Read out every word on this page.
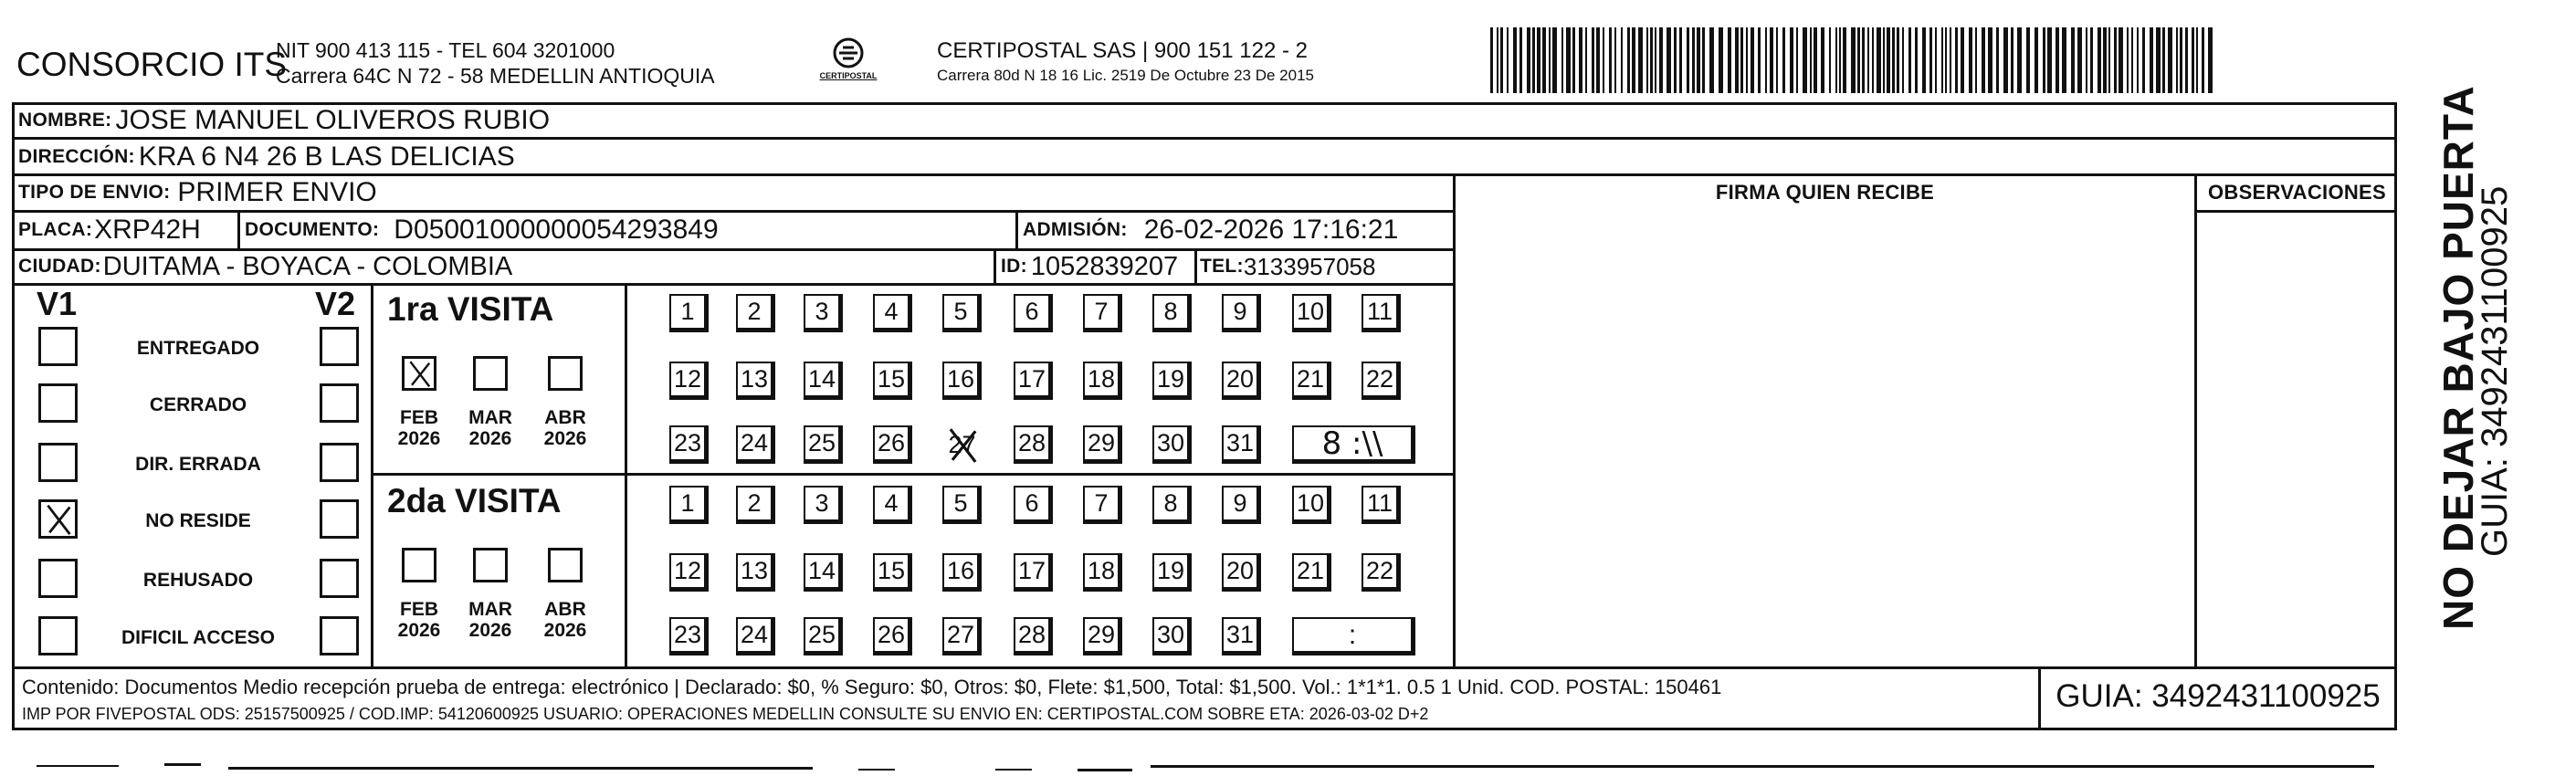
CONSORCIO ITS
NIT 900 413 115 - TEL 604 3201000
Carrera 64C N 72 - 58 MEDELLIN ANTIOQUIA	CERTIPOSTAL
CERTIPOSTAL SAS | 900 151 122 - 2
Carrera 80d N 18 16 Lic. 2519 De Octubre 23 De 2015
NOMBRE: JOSE MANUEL OLIVEROS RUBIO
DIRECCIÓN: KRA 6 N4 26 B LAS DELICIAS
TIPO DE ENVIO: PRIMER ENVIO	FIRMA QUIEN RECIBE	OBSERVACIONES
PLACA: XRP42H DOCUMENTO: D05001000000054293849	ADMISIÓN: 26-02-2026 17:16:21
CIUDAD: DUITAMA - BOYACA - COLOMBIA	ID: 1052839207 TEL: 3133957058
V1	V2 1ra VISITA
2da VISITA
Contenido: Documentos Medio recepción prueba de entrega: electrónico | Declarado: $0, % Seguro: $0, Otros: $0, Flete: $1,500, Total: $1,500. Vol.: 1*1*1. 0.5 1 Unid. COD. POSTAL: 150461
IMP POR FIVEPOSTAL ODS: 25157500925 / COD.IMP: 54120600925 USUARIO: OPERACIONES MEDELLIN CONSULTE SU ENVIO EN: CERTIPOSTAL.COM SOBRE ETA: 2026-03-02 D+2	GUIA: 3492431100925
NO DEJAR BAJO PUERTA
GUIA: 3492431100925
ENTREGADO
CERRADO
DIR. ERRADA
NO RESIDE
REHUSADO
DIFICIL ACCESO
FEB
2026
MAR
2026
ABR
2026
1	2	3	4	5	6	7	8	9	10 11
12 13 14 15 16 17 18 19 20 21 22
23 24 25 26 27 28 29 30 31	8 :\\
FEB
2026
MAR
2026
ABR
2026
1	2	3	4	5	6	7	8	9	10 11
12 13 14 15 16 17 18 19 20 21 22
23 24 25 26 27 28 29 30 31	:
